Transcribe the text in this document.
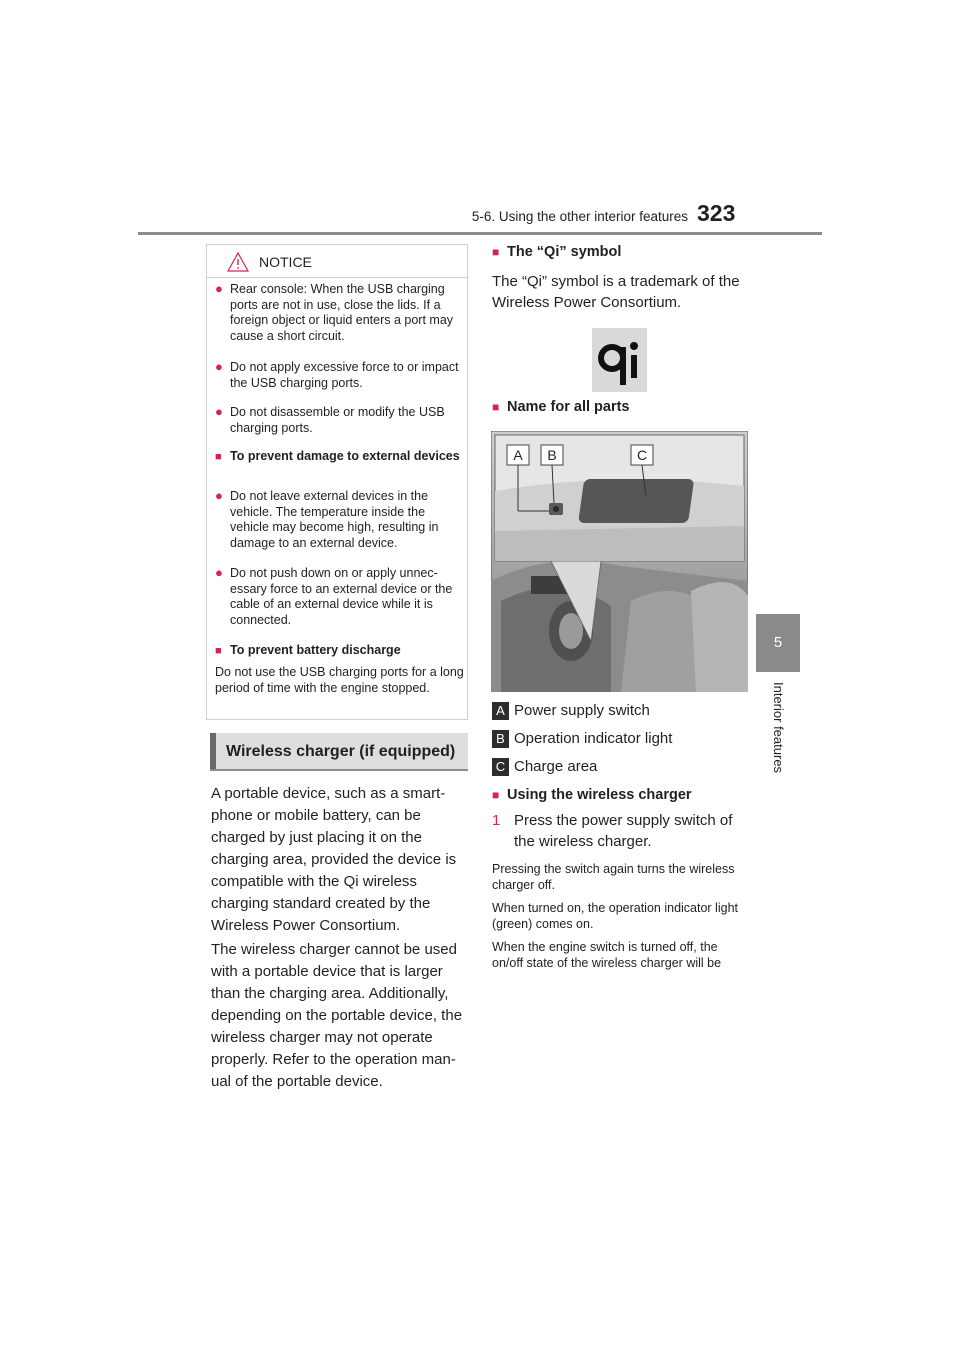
5-6. Using the other interior features 323
5
Interior features
NOTICE
● Rear console: When the USB charging ports are not in use, close the lids. If a foreign object or liquid enters a port may cause a short circuit.
● Do not apply excessive force to or impact the USB charging ports.
● Do not disassemble or modify the USB charging ports.
■ To prevent damage to external devices
● Do not leave external devices in the vehicle. The temperature inside the vehicle may become high, resulting in damage to an external device.
● Do not push down on or apply unnec-essary force to an external device or the cable of an external device while it is connected.
■ To prevent battery discharge
Do not use the USB charging ports for a long period of time with the engine stopped.
Wireless charger (if equipped)
A portable device, such as a smart-phone or mobile battery, can be charged by just placing it on the charging area, provided the device is compatible with the Qi wireless charging standard created by the Wireless Power Consortium.
The wireless charger cannot be used with a portable device that is larger than the charging area. Additionally, depending on the portable device, the wireless charger may not operate properly. Refer to the operation man-ual of the portable device.
■ The “Qi” symbol
The “Qi” symbol is a trademark of the Wireless Power Consortium.
■ Name for all parts
A B	C
A Power supply switch
B Operation indicator light
C Charge area
■ Using the wireless charger
1 Press the power supply switch of the wireless charger.
Pressing the switch again turns the wireless charger off.
When turned on, the operation indicator light (green) comes on.
When the engine switch is turned off, the on/off state of the wireless charger will be
